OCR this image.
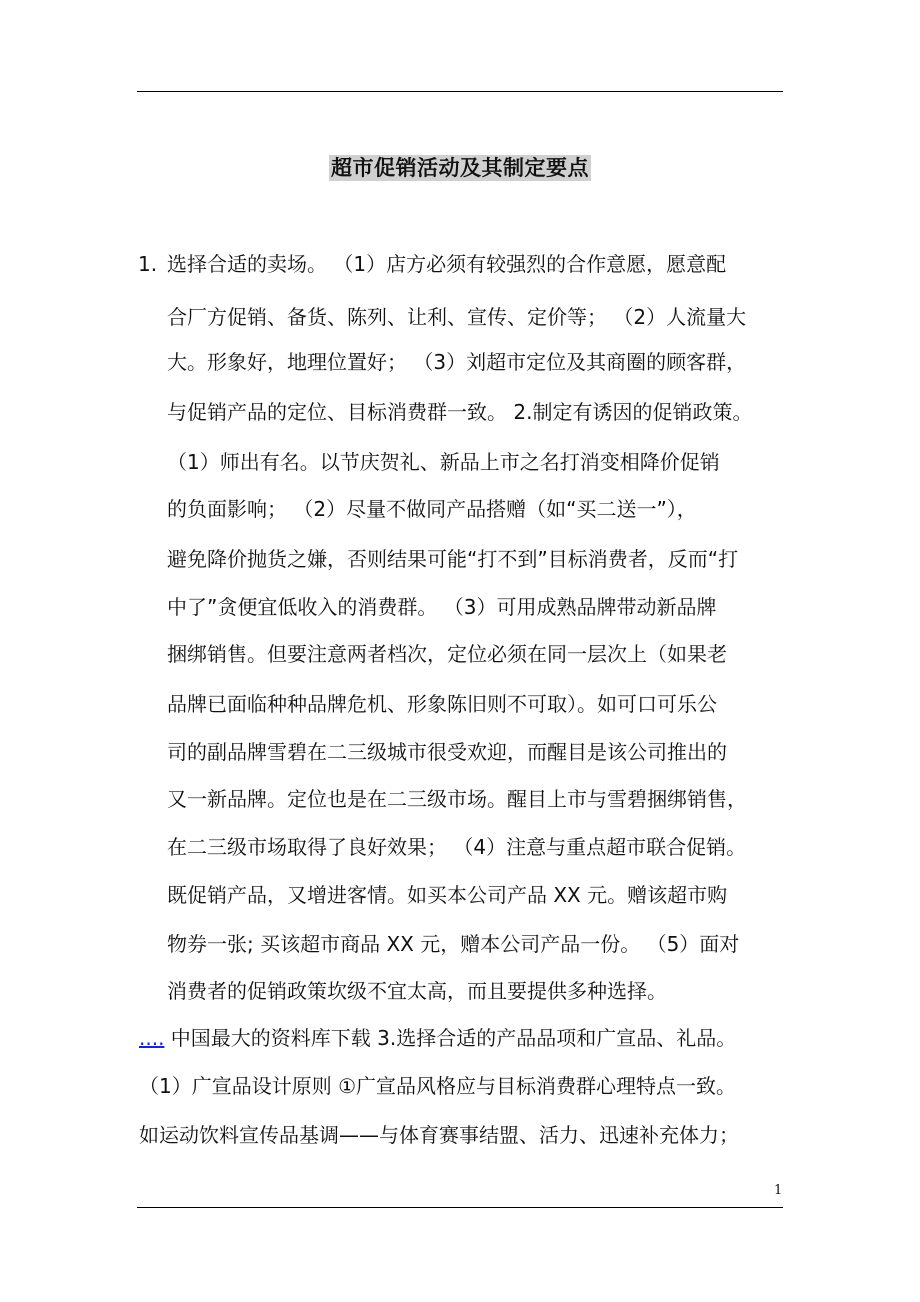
超市促销活动及其制定要点
1. 选择合适的卖场。 （1）店方必须有较强烈的合作意愿，愿意配
合厂方促销、备货、陈列、让利、宣传、定价等； （2）人流量大
大。形象好，地理位置好； （3）刘超市定位及其商圈的顾客群，
与促销产品的定位、目标消费群一致。 2.制定有诱因的促销政策。
（1）师出有名。以节庆贺礼、新品上市之名打消变相降价促销
的负面影响； （2）尽量不做同产品搭赠（如“买二送一”），
避免降价抛货之嫌，否则结果可能“打不到”目标消费者，反而“打
中了”贪便宜低收入的消费群。 （3）可用成熟品牌带动新品牌
捆绑销售。但要注意两者档次，定位必须在同一层次上（如果老
品牌已面临种种品牌危机、形象陈旧则不可取）。如可口可乐公
司的副品牌雪碧在二三级城市很受欢迎，而醒目是该公司推出的
又一新品牌。定位也是在二三级市场。醒目上市与雪碧捆绑销售，
在二三级市场取得了良好效果； （4）注意与重点超市联合促销。
既促销产品，又增进客情。如买本公司产品 XX 元。赠该超市购
物券一张; 买该超市商品 XX 元，赠本公司产品一份。 （5）面对
消费者的促销政策坎级不宜太高，而且要提供多种选择。
.... 中国最大的资料库下载 3.选择合适的产品品项和广宣品、礼品。
（1）广宣品设计原则 ①广宣品风格应与目标消费群心理特点一致。
如运动饮料宣传品基调——与体育赛事结盟、活力、迅速补充体力；
1
